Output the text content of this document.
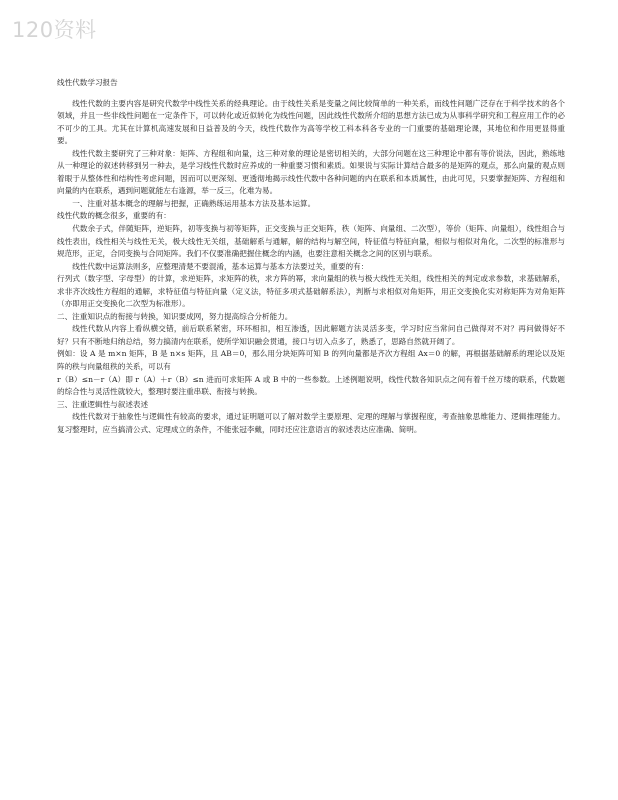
120资料

线性代数学习报告

线性代数的主要内容是研究代数学中线性关系的经典理论。由于线性关系是变量之间比较简单的一种关系，而线性问题广泛存在于科学技术的各个领域，并且一些非线性问题在一定条件下，可以转化或近似转化为线性问题，因此线性代数所介绍的思想方法已成为从事科学研究和工程应用工作的必不可少的工具。尤其在计算机高速发展和日益普及的今天，线性代数作为高等学校工科本科各专业的一门重要的基础理论课，其地位和作用更显得重要。

线性代数主要研究了三种对象：矩阵、方程组和向量，这三种对象的理论是密切相关的，大部分问题在这三种理论中都有等价说法，因此，熟练地从一种理论的叙述转移到另一种去，是学习线性代数时应养成的一种重要习惯和素质。如果说与实际计算结合最多的是矩阵的观点，那么向量的观点则着眼于从整体性和结构性考虑问题，因而可以更深刻、更透彻地揭示线性代数中各种问题的内在联系和本质属性，由此可见，只要掌握矩阵、方程组和向量的内在联系，遇到问题就能左右逢源，举一反三，化难为易。

一、注重对基本概念的理解与把握，正确熟练运用基本方法及基本运算。

线性代数的概念很多，重要的有：

代数余子式，伴随矩阵，逆矩阵，初等变换与初等矩阵，正交变换与正交矩阵，秩（矩阵、向量组、二次型），等价（矩阵、向量组），线性组合与线性表出，线性相关与线性无关，极大线性无关组，基础解系与通解，解的结构与解空间，特征值与特征向量，相似与相似对角化，二次型的标准形与规范形，正定，合同变换与合同矩阵。我们不仅要准确把握住概念的内涵，也要注意相关概念之间的区别与联系。

线性代数中运算法则多，应整理清楚不要混淆，基本运算与基本方法要过关，重要的有：

行列式（数字型、字母型）的计算，求逆矩阵，求矩阵的秩，求方阵的幂，求向量组的秩与极大线性无关组，线性相关的判定或求参数，求基础解系，求非齐次线性方程组的通解，求特征值与特征向量（定义法，特征多项式基础解系法），判断与求相似对角矩阵，用正交变换化实对称矩阵为对角矩阵（亦即用正交变换化二次型为标准形）。

二、注重知识点的衔接与转换，知识要成网，努力提高综合分析能力。

线性代数从内容上看纵横交错，前后联系紧密，环环相扣，相互渗透，因此解题方法灵活多变，学习时应当常问自己做得对不对？再问做得好不好？只有不断地归纳总结，努力搞清内在联系，使所学知识融会贯通，接口与切入点多了，熟悉了，思路自然就开阔了。

例如：设 A 是 m×n 矩阵，B 是 n×s 矩阵，且 AB＝0，那么用分块矩阵可知 B 的列向量都是齐次方程组 Ax＝0 的解，再根据基础解系的理论以及矩阵的秩与向量组秩的关系，可以有

r（B）≤n－r（A）即 r（A）＋r（B）≤n 进而可求矩阵 A 或 B 中的一些参数。上述例题说明，线性代数各知识点之间有着千丝万缕的联系，代数题的综合性与灵活性就较大，整理时要注重串联、衔接与转换。

三、注重逻辑性与叙述表述

线性代数对于抽象性与逻辑性有较高的要求，通过证明题可以了解对数学主要原理、定理的理解与掌握程度，考查抽象思维能力、逻辑推理能力。复习整理时，应当搞清公式、定理成立的条件，不能张冠李戴，同时还应注意语言的叙述表达应准确、简明。
